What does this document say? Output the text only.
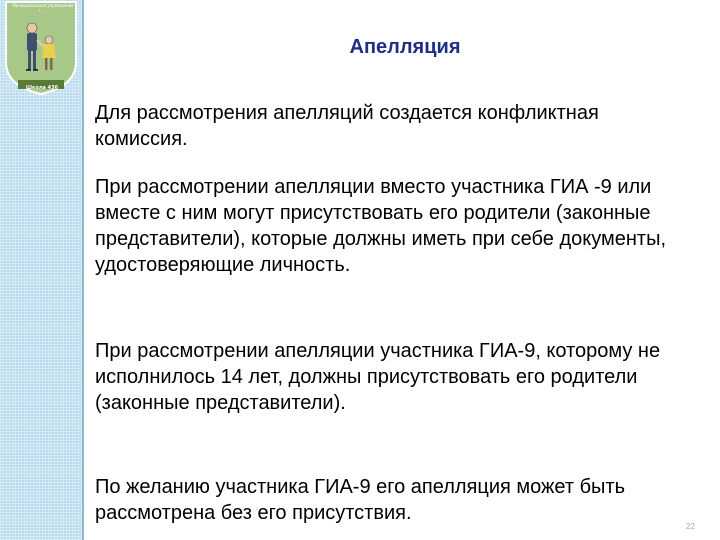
Муниципальное учреждение г. ...
Школа 436
Апелляция

Для рассмотрения апелляций создается конфликтная комиссия.

При рассмотрении апелляции вместо участника ГИА -9 или вместе с ним могут присутствовать его родители (законные представители), которые должны иметь при себе документы, удостоверяющие личность.

При рассмотрении апелляции участника ГИА-9, которому не исполнилось 14 лет, должны присутствовать его родители (законные представители).

По желанию участника ГИА-9 его апелляция может быть рассмотрена без его присутствия.

22
